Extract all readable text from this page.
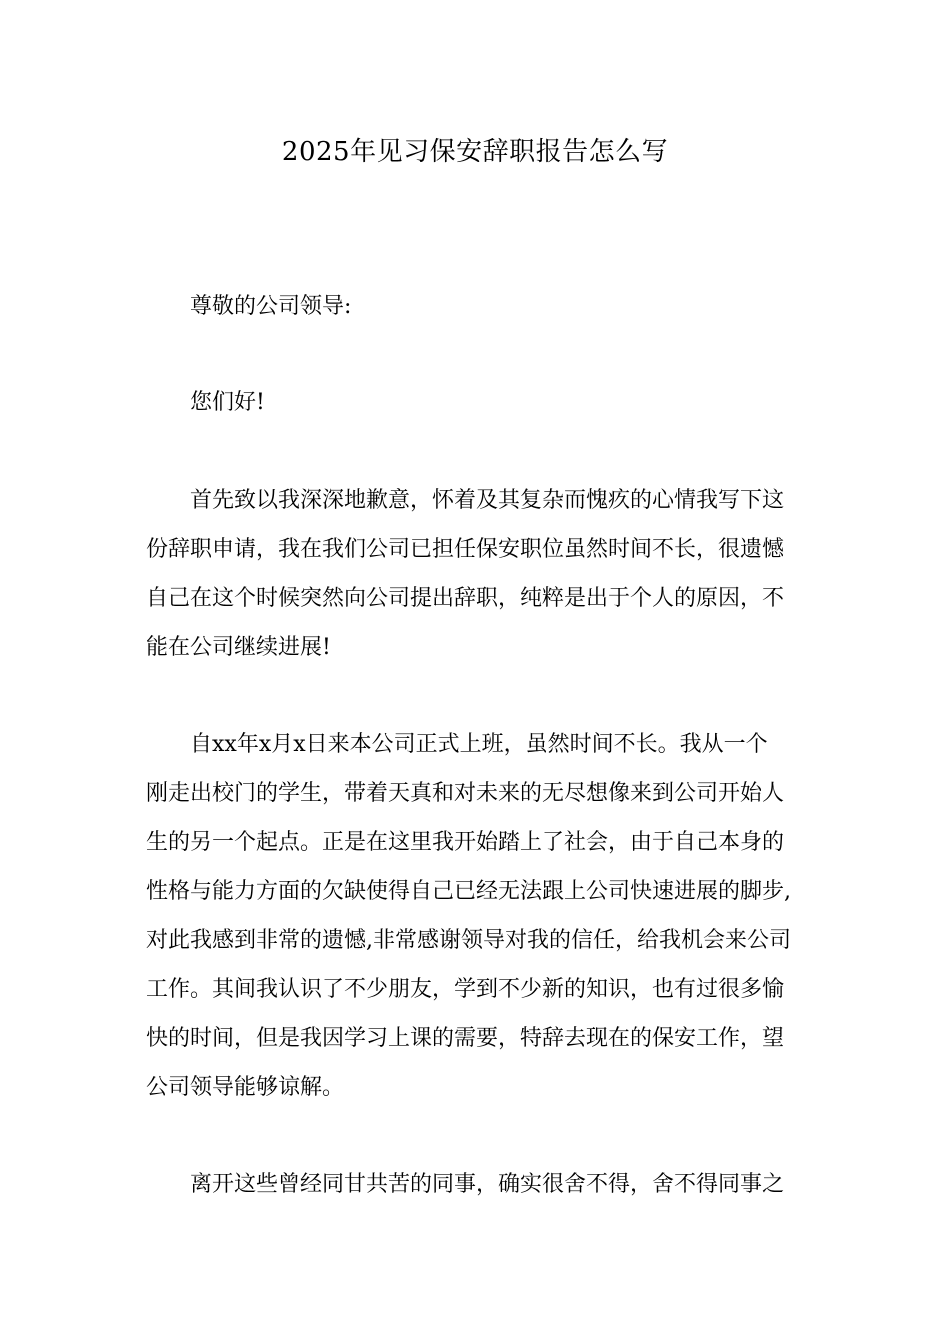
2025年见习保安辞职报告怎么写

尊敬的公司领导:

您们好!

首先致以我深深地歉意，怀着及其复杂而愧疚的心情我写下这
份辞职申请，我在我们公司已担任保安职位虽然时间不长，很遗憾
自己在这个时候突然向公司提出辞职，纯粹是出于个人的原因，不
能在公司继续进展!

自xx年x月x日来本公司正式上班，虽然时间不长。我从一个
刚走出校门的学生，带着天真和对未来的无尽想像来到公司开始人
生的另一个起点。正是在这里我开始踏上了社会，由于自己本身的
性格与能力方面的欠缺使得自己已经无法跟上公司快速进展的脚步,
对此我感到非常的遗憾,非常感谢领导对我的信任，给我机会来公司
工作。其间我认识了不少朋友，学到不少新的知识，也有过很多愉
快的时间，但是我因学习上课的需要，特辞去现在的保安工作，望
公司领导能够谅解。

离开这些曾经同甘共苦的同事，确实很舍不得，舍不得同事之
